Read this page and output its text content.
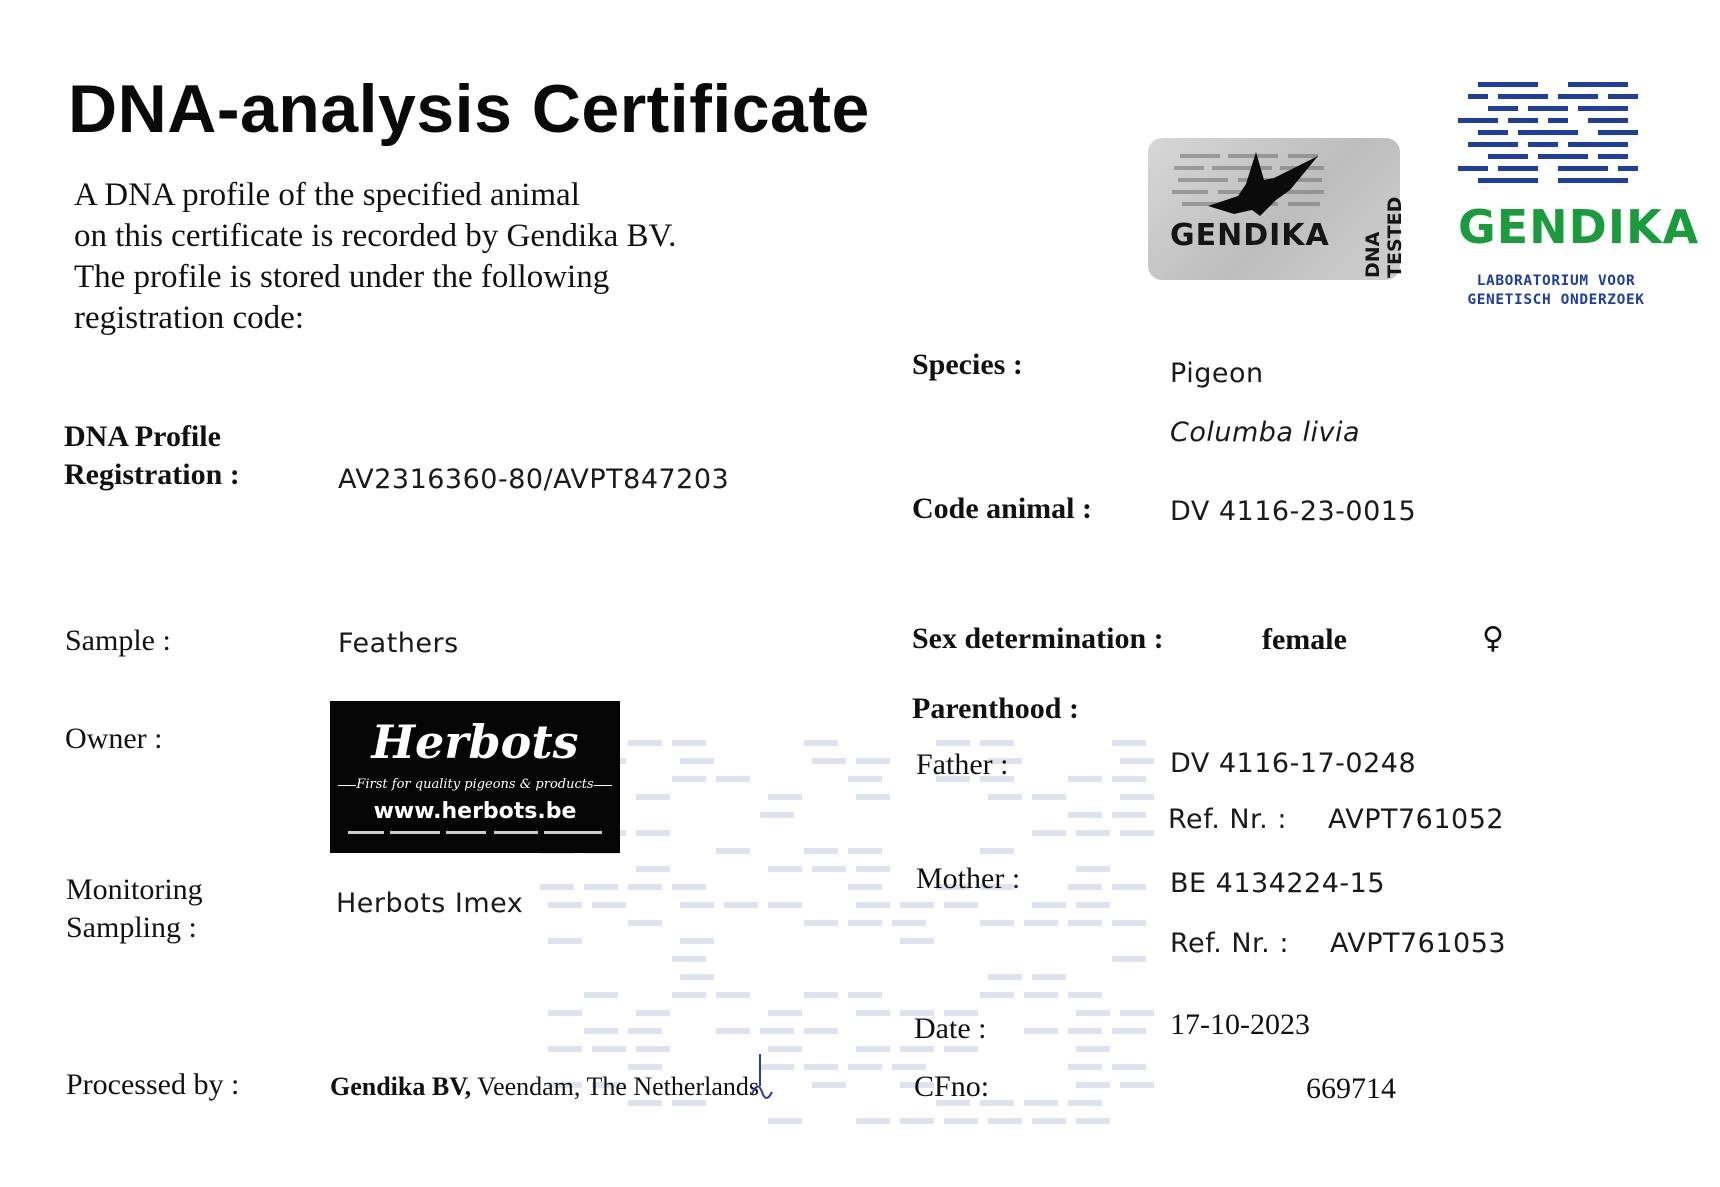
DNA-analysis Certificate
A DNA profile of the specified animal
on this certificate is recorded by Gendika BV.
The profile is stored under the following
registration code:
GENDIKA DNA TESTED GENDIKA
LABORATORIUM VOOR
GENETISCH ONDERZOEK
Species :	Pigeon
Columba livia
DNA Profile
Registration :	AV2316360-80/AVPT847203
Code animal :	DV 4116-23-0015
Sample :	Feathers	Sex determination :	female	♀
Owner :	Herbots
First for quality pigeons & products
www.herbots.be
Parenthood :
Father :	DV 4116-17-0248
Ref. Nr. : AVPT761052
Monitoring
Sampling :
Herbots Imex
Mother :	BE 4134224-15
Ref. Nr. : AVPT761053
Date :	17-10-2023
Processed by :	Gendika BV, Veendam, The Netherlands	CFno:	669714
